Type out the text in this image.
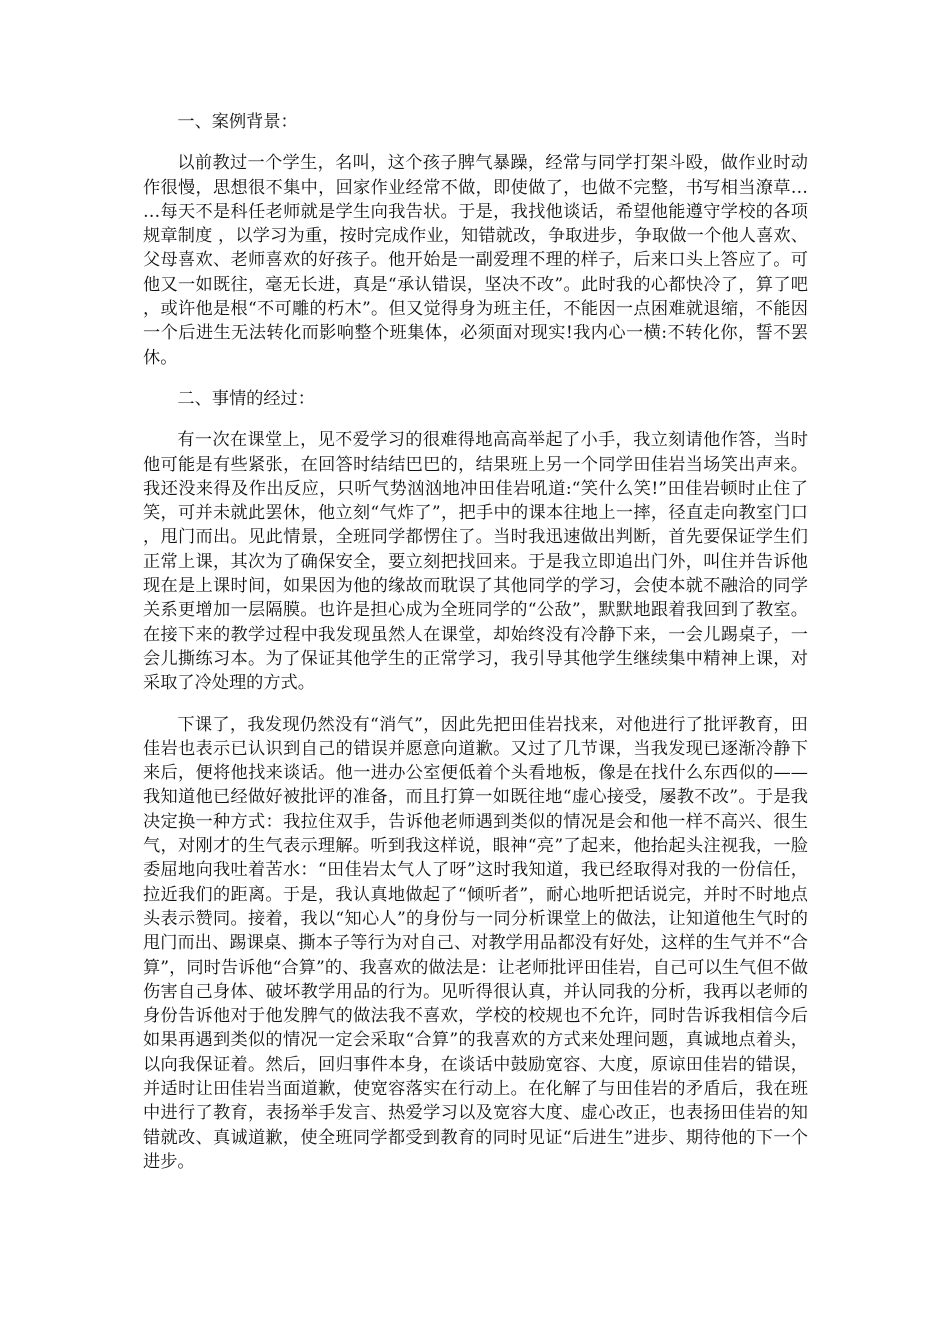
一、案例背景：

以前教过一个学生，名叫，这个孩子脾气暴躁，经常与同学打架斗殴，做作业时动作很慢，思想很不集中，回家作业经常不做，即使做了，也做不完整，书写相当潦草……每天不是科任老师就是学生向我告状。于是，我找他谈话，希望他能遵守学校的各项 规章制度 ，以学习为重，按时完成作业，知错就改，争取进步，争取做一个他人喜欢、父母喜欢、老师喜欢的好孩子。他开始是一副爱理不理的样子，后来口头上答应了。可他又一如既往，毫无长进，真是“承认错误，坚决不改”。此时我的心都快冷了，算了吧，或许他是根“不可雕的朽木”。但又觉得身为班主任，不能因一点困难就退缩，不能因一个后进生无法转化而影响整个班集体，必须面对现实!我内心一横:不转化你，誓不罢休。

二、事情的经过：

有一次在课堂上，见不爱学习的很难得地高高举起了小手，我立刻请他作答，当时他可能是有些紧张，在回答时结结巴巴的，结果班上另一个同学田佳岩当场笑出声来。我还没来得及作出反应，只听气势汹汹地冲田佳岩吼道:“笑什么笑!”田佳岩顿时止住了笑，可并未就此罢休，他立刻“气炸了”，把手中的课本往地上一摔，径直走向教室门口，甩门而出。见此情景，全班同学都愣住了。当时我迅速做出判断，首先要保证学生们正常上课，其次为了确保安全，要立刻把找回来。于是我立即追出门外，叫住并告诉他现在是上课时间，如果因为他的缘故而耽误了其他同学的学习，会使本就不融洽的同学关系更增加一层隔膜。也许是担心成为全班同学的“公敌”，默默地跟着我回到了教室。在接下来的教学过程中我发现虽然人在课堂，却始终没有冷静下来，一会儿踢桌子，一会儿撕练习本。为了保证其他学生的正常学习，我引导其他学生继续集中精神上课，对采取了冷处理的方式。

下课了，我发现仍然没有“消气”，因此先把田佳岩找来，对他进行了批评教育，田佳岩也表示已认识到自己的错误并愿意向道歉。又过了几节课，当我发现已逐渐冷静下来后，便将他找来谈话。他一进办公室便低着个头看地板，像是在找什么东西似的——我知道他已经做好被批评的准备，而且打算一如既往地“虚心接受，屡教不改”。于是我决定换一种方式：我拉住双手，告诉他老师遇到类似的情况是会和他一样不高兴、很生气，对刚才的生气表示理解。听到我这样说，眼神“亮”了起来，他抬起头注视我，一脸委屈地向我吐着苦水：“田佳岩太气人了呀”这时我知道，我已经取得对我的一份信任，拉近我们的距离。于是，我认真地做起了“倾听者”，耐心地听把话说完，并时不时地点头表示赞同。接着，我以“知心人”的身份与一同分析课堂上的做法，让知道他生气时的甩门而出、踢课桌、撕本子等行为对自己、对教学用品都没有好处，这样的生气并不“合算”，同时告诉他“合算”的、我喜欢的做法是：让老师批评田佳岩，自己可以生气但不做伤害自己身体、破坏教学用品的行为。见听得很认真，并认同我的分析，我再以老师的身份告诉他对于他发脾气的做法我不喜欢，学校的校规也不允许，同时告诉我相信今后如果再遇到类似的情况一定会采取“合算”的我喜欢的方式来处理问题，真诚地点着头，以向我保证着。然后，回归事件本身，在谈话中鼓励宽容、大度，原谅田佳岩的错误，并适时让田佳岩当面道歉，使宽容落实在行动上。在化解了与田佳岩的矛盾后，我在班中进行了教育，表扬举手发言、热爱学习以及宽容大度、虚心改正，也表扬田佳岩的知错就改、真诚道歉，使全班同学都受到教育的同时见证“后进生”进步、期待他的下一个进步。
